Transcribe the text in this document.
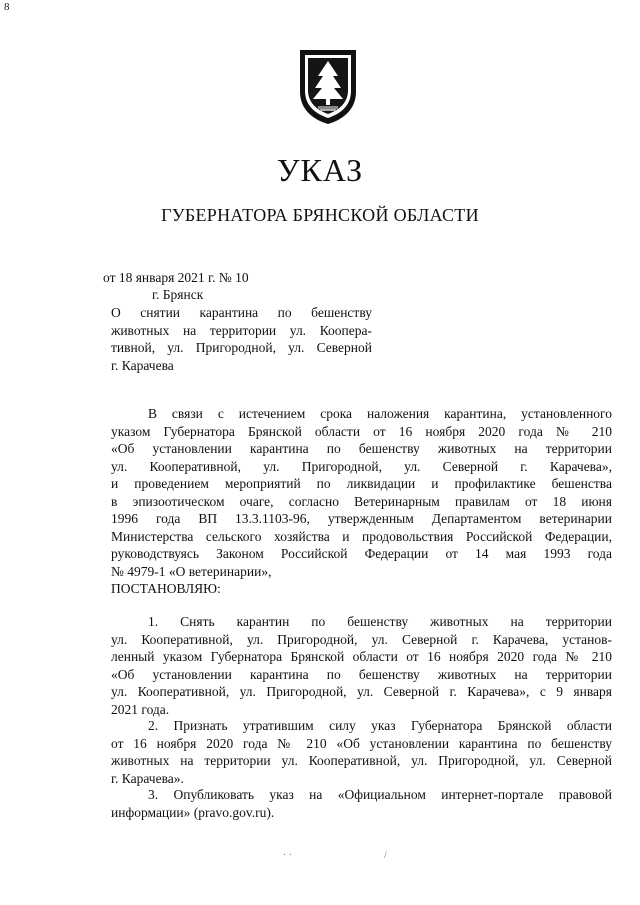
8
УКАЗ
ГУБЕРНАТОРА БРЯНСКОЙ ОБЛАСТИ
от 18 января 2021 г. № 10
г. Брянск
О снятии карантина по бешенству
животных на территории ул. Коопера-
тивной, ул. Пригородной, ул. Северной
г. Карачева
В связи с истечением срока наложения карантина, установленного
указом Губернатора Брянской области от 16 ноября 2020 года № 210
«Об установлении карантина по бешенству животных на территории
ул. Кооперативной, ул. Пригородной, ул. Северной г. Карачева»,
и проведением мероприятий по ликвидации и профилактике бешенства
в эпизоотическом очаге, согласно Ветеринарным правилам от 18 июня
1996 года ВП 13.3.1103-96, утвержденным Департаментом ветеринарии
Министерства сельского хозяйства и продовольствия Российской Федерации,
руководствуясь Законом Российской Федерации от 14 мая 1993 года
№ 4979-1 «О ветеринарии»,
ПОСТАНОВЛЯЮ:
1. Снять карантин по бешенству животных на территории
ул. Кооперативной, ул. Пригородной, ул. Северной г. Карачева, установ-
ленный указом Губернатора Брянской области от 16 ноября 2020 года № 210
«Об установлении карантина по бешенству животных на территории
ул. Кооперативной, ул. Пригородной, ул. Северной г. Карачева», с 9 января
2021 года.
2. Признать утратившим силу указ Губернатора Брянской области
от 16 ноября 2020 года № 210 «Об установлении карантина по бешенству
животных на территории ул. Кооперативной, ул. Пригородной, ул. Северной
г. Карачева».
3. Опубликовать указ на «Официальном интернет-портале правовой
информации» (pravo.gov.ru).
· ·	/
